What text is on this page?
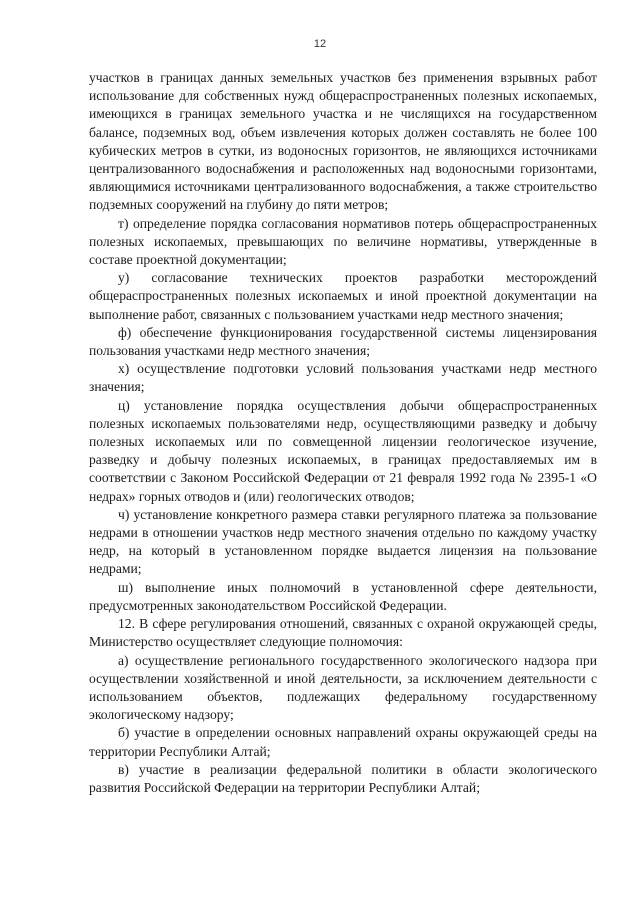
12

участков в границах данных земельных участков без применения взрывных работ использование для собственных нужд общераспространенных полезных ископаемых, имеющихся в границах земельного участка и не числящихся на государственном балансе, подземных вод, объем извлечения которых должен составлять не более 100 кубических метров в сутки, из водоносных горизонтов, не являющихся источниками централизованного водоснабжения и расположенных над водоносными горизонтами, являющимися источниками централизованного водоснабжения, а также строительство подземных сооружений на глубину до пяти метров;

т) определение порядка согласования нормативов потерь общераспространенных полезных ископаемых, превышающих по величине нормативы, утвержденные в составе проектной документации;

у) согласование технических проектов разработки месторождений общераспространенных полезных ископаемых и иной проектной документации на выполнение работ, связанных с пользованием участками недр местного значения;

ф) обеспечение функционирования государственной системы лицензирования пользования участками недр местного значения;

х) осуществление подготовки условий пользования участками недр местного значения;

ц) установление порядка осуществления добычи общераспространенных полезных ископаемых пользователями недр, осуществляющими разведку и добычу полезных ископаемых или по совмещенной лицензии геологическое изучение, разведку и добычу полезных ископаемых, в границах предоставляемых им в соответствии с Законом Российской Федерации от 21 февраля 1992 года № 2395-1 «О недрах» горных отводов и (или) геологических отводов;

ч) установление конкретного размера ставки регулярного платежа за пользование недрами в отношении участков недр местного значения отдельно по каждому участку недр, на который в установленном порядке выдается лицензия на пользование недрами;

ш) выполнение иных полномочий в установленной сфере деятельности, предусмотренных законодательством Российской Федерации.

12. В сфере регулирования отношений, связанных с охраной окружающей среды, Министерство осуществляет следующие полномочия:

а) осуществление регионального государственного экологического надзора при осуществлении хозяйственной и иной деятельности, за исключением деятельности с использованием объектов, подлежащих федеральному государственному экологическому надзору;

б) участие в определении основных направлений охраны окружающей среды на территории Республики Алтай;

в) участие в реализации федеральной политики в области экологического развития Российской Федерации на территории Республики Алтай;
